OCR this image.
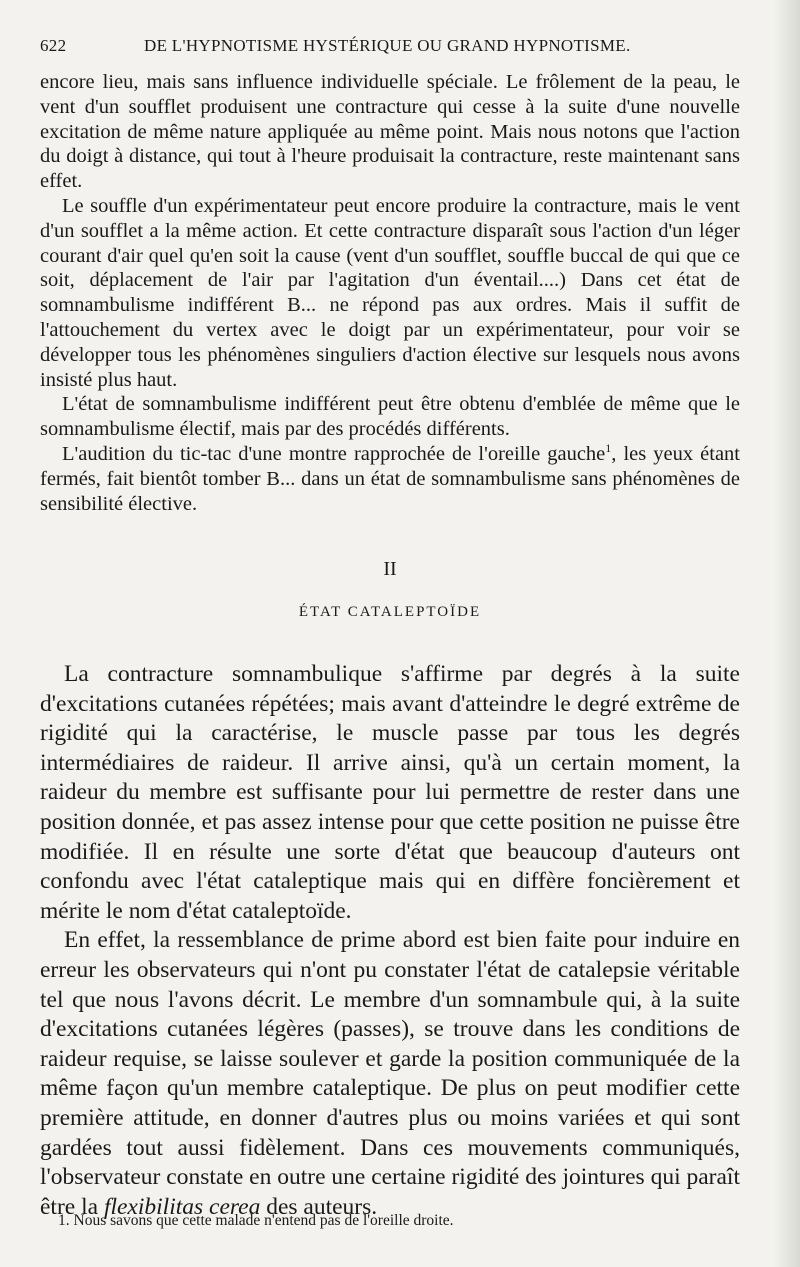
622	DE L'HYPNOTISME HYSTÉRIQUE OU GRAND HYPNOTISME.

encore lieu, mais sans influence individuelle spéciale. Le frôlement de la peau, le vent d'un soufflet produisent une contracture qui cesse à la suite d'une nouvelle excitation de même nature appliquée au même point. Mais nous notons que l'action du doigt à distance, qui tout à l'heure produisait la contracture, reste maintenant sans effet.

Le souffle d'un expérimentateur peut encore produire la contracture, mais le vent d'un soufflet a la même action. Et cette contracture disparaît sous l'action d'un léger courant d'air quel qu'en soit la cause (vent d'un soufflet, souffle buccal de qui que ce soit, déplacement de l'air par l'agitation d'un éventail....) Dans cet état de somnambulisme indifférent B... ne répond pas aux ordres. Mais il suffit de l'attouchement du vertex avec le doigt par un expérimentateur, pour voir se développer tous les phénomènes singuliers d'action élective sur lesquels nous avons insisté plus haut.

L'état de somnambulisme indifférent peut être obtenu d'emblée de même que le somnambulisme électif, mais par des procédés différents.

L'audition du tic-tac d'une montre rapprochée de l'oreille gauche$^1$, les yeux étant fermés, fait bientôt tomber B... dans un état de somnambulisme sans phénomènes de sensibilité élective.

II
ÉTAT CATALEPTOÏDE

La contracture somnambulique s'affirme par degrés à la suite d'excitations cutanées répétées; mais avant d'atteindre le degré extrême de rigidité qui la caractérise, le muscle passe par tous les degrés intermédiaires de raideur. Il arrive ainsi, qu'à un certain moment, la raideur du membre est suffisante pour lui permettre de rester dans une position donnée, et pas assez intense pour que cette position ne puisse être modifiée. Il en résulte une sorte d'état que beaucoup d'auteurs ont confondu avec l'état cataleptique mais qui en diffère foncièrement et mérite le nom d'état cataleptoïde.

En effet, la ressemblance de prime abord est bien faite pour induire en erreur les observateurs qui n'ont pu constater l'état de catalepsie véritable tel que nous l'avons décrit. Le membre d'un somnambule qui, à la suite d'excitations cutanées légères (passes), se trouve dans les conditions de raideur requise, se laisse soulever et garde la position communiquée de la même façon qu'un membre cataleptique. De plus on peut modifier cette première attitude, en donner d'autres plus ou moins variées et qui sont gardées tout aussi fidèlement. Dans ces mouvements communiqués, l'observateur constate en outre une certaine rigidité des jointures qui paraît être la flexibilitas cerea des auteurs.

1. Nous savons que cette malade n'entend pas de l'oreille droite.
